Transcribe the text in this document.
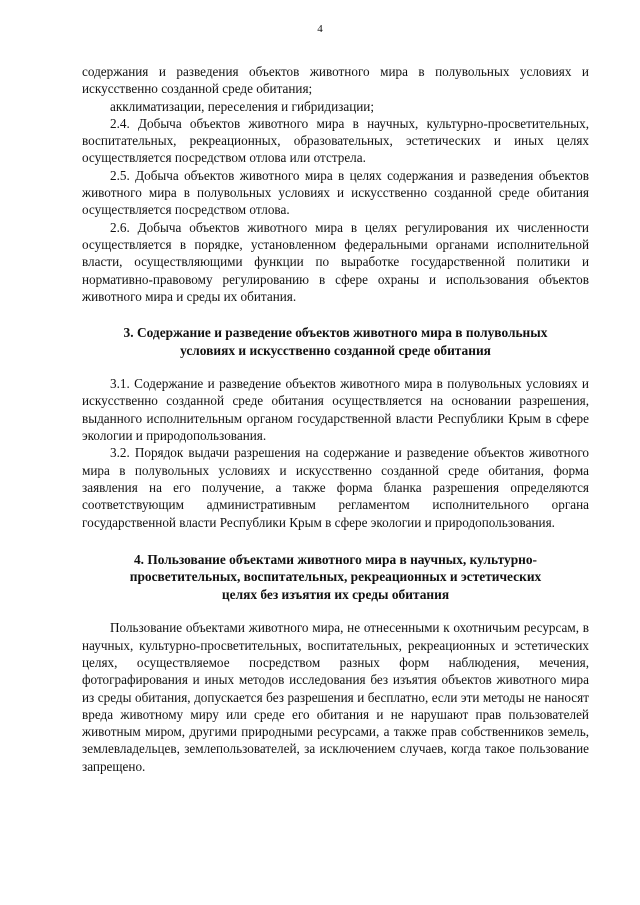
4

содержания и разведения объектов животного мира в полувольных условиях и искусственно созданной среде обитания;

акклиматизации, переселения и гибридизации;

2.4. Добыча объектов животного мира в научных, культурно-просветительных, воспитательных, рекреационных, образовательных, эстетических и иных целях осуществляется посредством отлова или отстрела.

2.5. Добыча объектов животного мира в целях содержания и разведения объектов животного мира в полувольных условиях и искусственно созданной среде обитания осуществляется посредством отлова.

2.6. Добыча объектов животного мира в целях регулирования их численности осуществляется в порядке, установленном федеральными органами исполнительной власти, осуществляющими функции по выработке государственной политики и нормативно-правовому регулированию в сфере охраны и использования объектов животного мира и среды их обитания.

3. Содержание и разведение объектов животного мира в полувольных
условиях и искусственно созданной среде обитания

3.1. Содержание и разведение объектов животного мира в полувольных условиях и искусственно созданной среде обитания осуществляется на основании разрешения, выданного исполнительным органом государственной власти Республики Крым в сфере экологии и природопользования.

3.2. Порядок выдачи разрешения на содержание и разведение объектов животного мира в полувольных условиях и искусственно созданной среде обитания, форма заявления на его получение, а также форма бланка разрешения определяются соответствующим административным регламентом исполнительного органа государственной власти Республики Крым в сфере экологии и природопользования.

4. Пользование объектами животного мира в научных, культурно-
просветительных, воспитательных, рекреационных и эстетических
целях без изъятия их среды обитания

Пользование объектами животного мира, не отнесенными к охотничьим ресурсам, в научных, культурно-просветительных, воспитательных, рекреационных и эстетических целях, осуществляемое посредством разных форм наблюдения, мечения, фотографирования и иных методов исследования без изъятия объектов животного мира из среды обитания, допускается без разрешения и бесплатно, если эти методы не наносят вреда животному миру или среде его обитания и не нарушают прав пользователей животным миром, другими природными ресурсами, а также прав собственников земель, землевладельцев, землепользователей, за исключением случаев, когда такое пользование запрещено.
